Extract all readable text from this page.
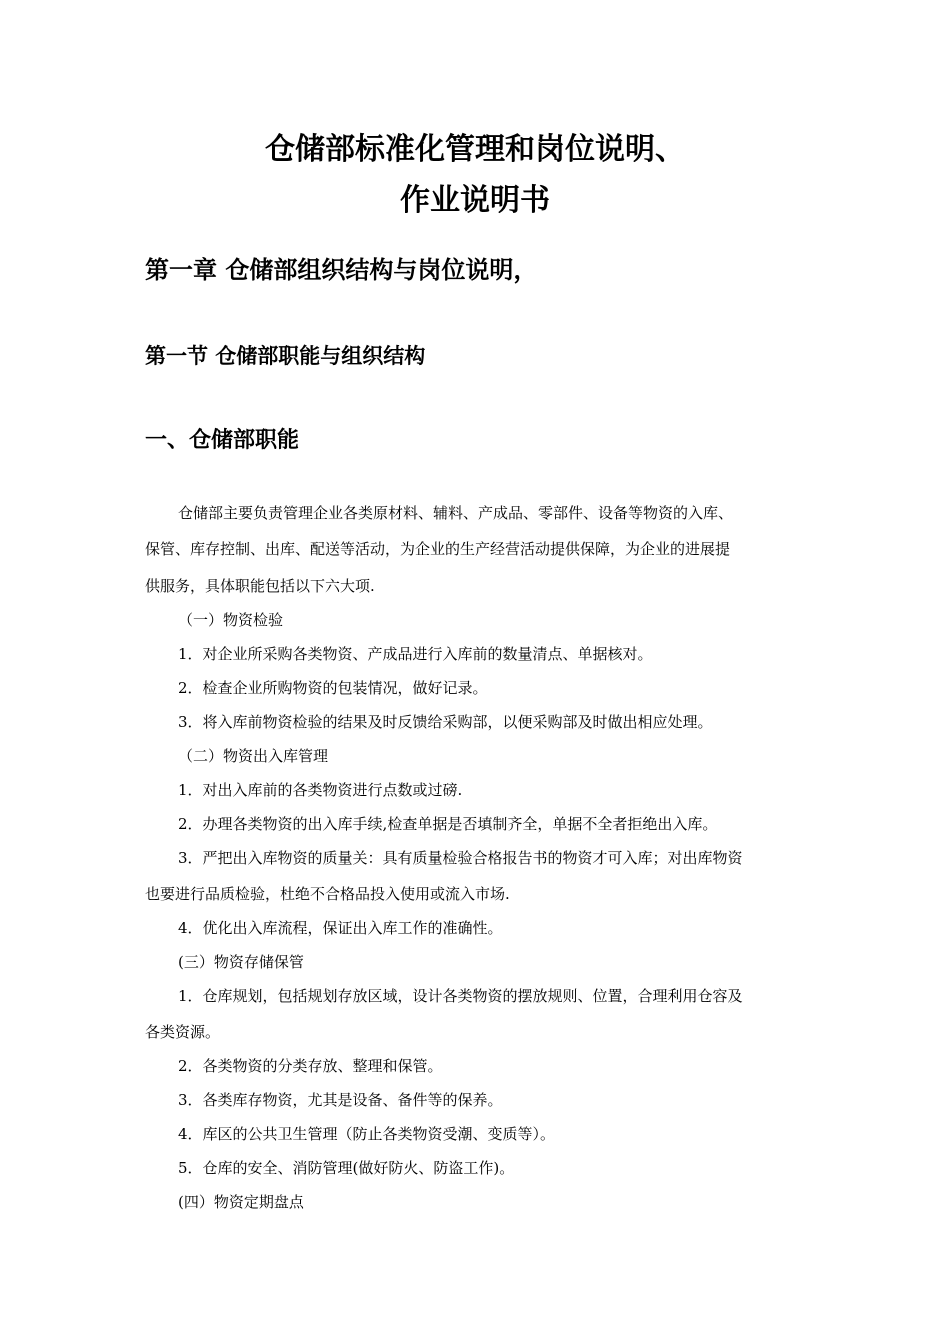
仓储部标准化管理和岗位说明、
作业说明书
第一章 仓储部组织结构与岗位说明，
第一节 仓储部职能与组织结构
一、仓储部职能
仓储部主要负责管理企业各类原材料、辅料、产成品、零部件、设备等物资的入库、
保管、库存控制、出库、配送等活动，为企业的生产经营活动提供保障，为企业的进展提
供服务，具体职能包括以下六大项.
（一）物资检验
1．对企业所采购各类物资、产成品进行入库前的数量清点、单据核对。
2．检查企业所购物资的包装情况，做好记录。
3．将入库前物资检验的结果及时反馈给采购部，以便采购部及时做出相应处理。
（二）物资出入库管理
1．对出入库前的各类物资进行点数或过磅.
2．办理各类物资的出入库手续,检查单据是否填制齐全，单据不全者拒绝出入库。
3．严把出入库物资的质量关：具有质量检验合格报告书的物资才可入库；对出库物资
也要进行品质检验，杜绝不合格品投入使用或流入市场.
4．优化出入库流程，保证出入库工作的准确性。
(三）物资存储保管
1．仓库规划，包括规划存放区域，设计各类物资的摆放规则、位置，合理利用仓容及
各类资源。
2．各类物资的分类存放、整理和保管。
3．各类库存物资，尤其是设备、备件等的保养。
4．库区的公共卫生管理（防止各类物资受潮、变质等）。
5．仓库的安全、消防管理(做好防火、防盗工作)。
(四）物资定期盘点
